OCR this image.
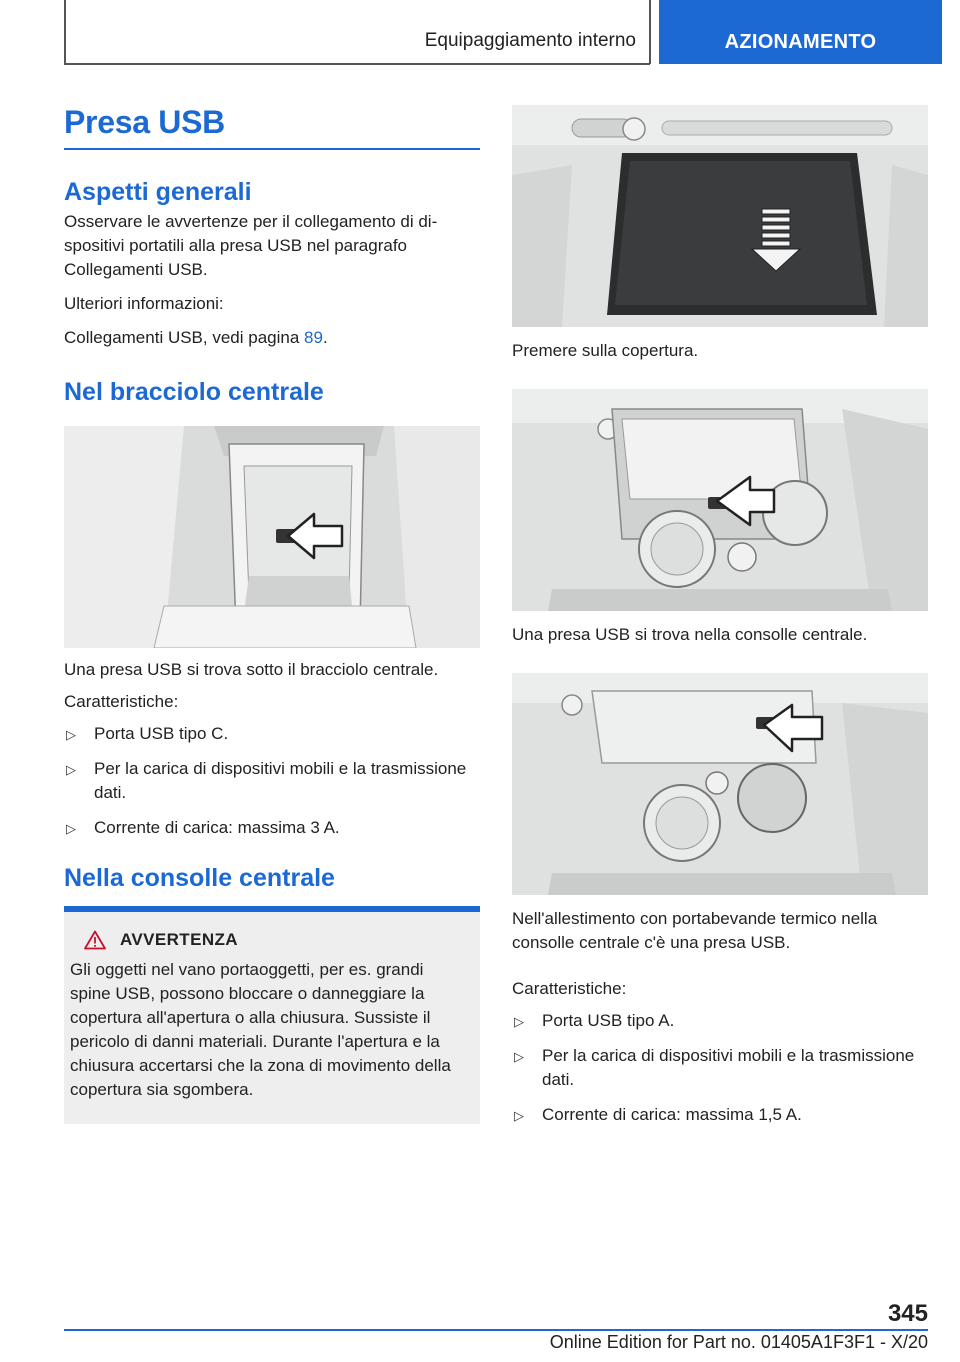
Equipaggiamento interno	AZIONAMENTO
Presa USB
Aspetti generali

Osservare le avvertenze per il collegamento di dispositivi portatili alla presa USB nel paragrafo Collegamenti USB.

Ulteriori informazioni:

Collegamenti USB, vedi pagina 89.

Nel bracciolo centrale

Una presa USB si trova sotto il bracciolo centrale.

Caratteristiche:

▷ Porta USB tipo C.
▷ Per la carica di dispositivi mobili e la trasmissione dati.
▷ Corrente di carica: massima 3 A.
Nella consolle centrale
AVVERTENZA

Gli oggetti nel vano portaoggetti, per es. grandi spine USB, possono bloccare o danneggiare la copertura all'apertura o alla chiusura. Sussiste il pericolo di danni materiali. Durante l'apertura e la chiusura accertarsi che la zona di movimento della copertura sia sgombera.

Premere sulla copertura.

Una presa USB si trova nella consolle centrale.

Nell'allestimento con portabevande termico nella consolle centrale c'è una presa USB.

Caratteristiche:

▷ Porta USB tipo A.
▷ Per la carica di dispositivi mobili e la trasmissione dati.
▷ Corrente di carica: massima 1,5 A.
345
Online Edition for Part no. 01405A1F3F1 - X/20
